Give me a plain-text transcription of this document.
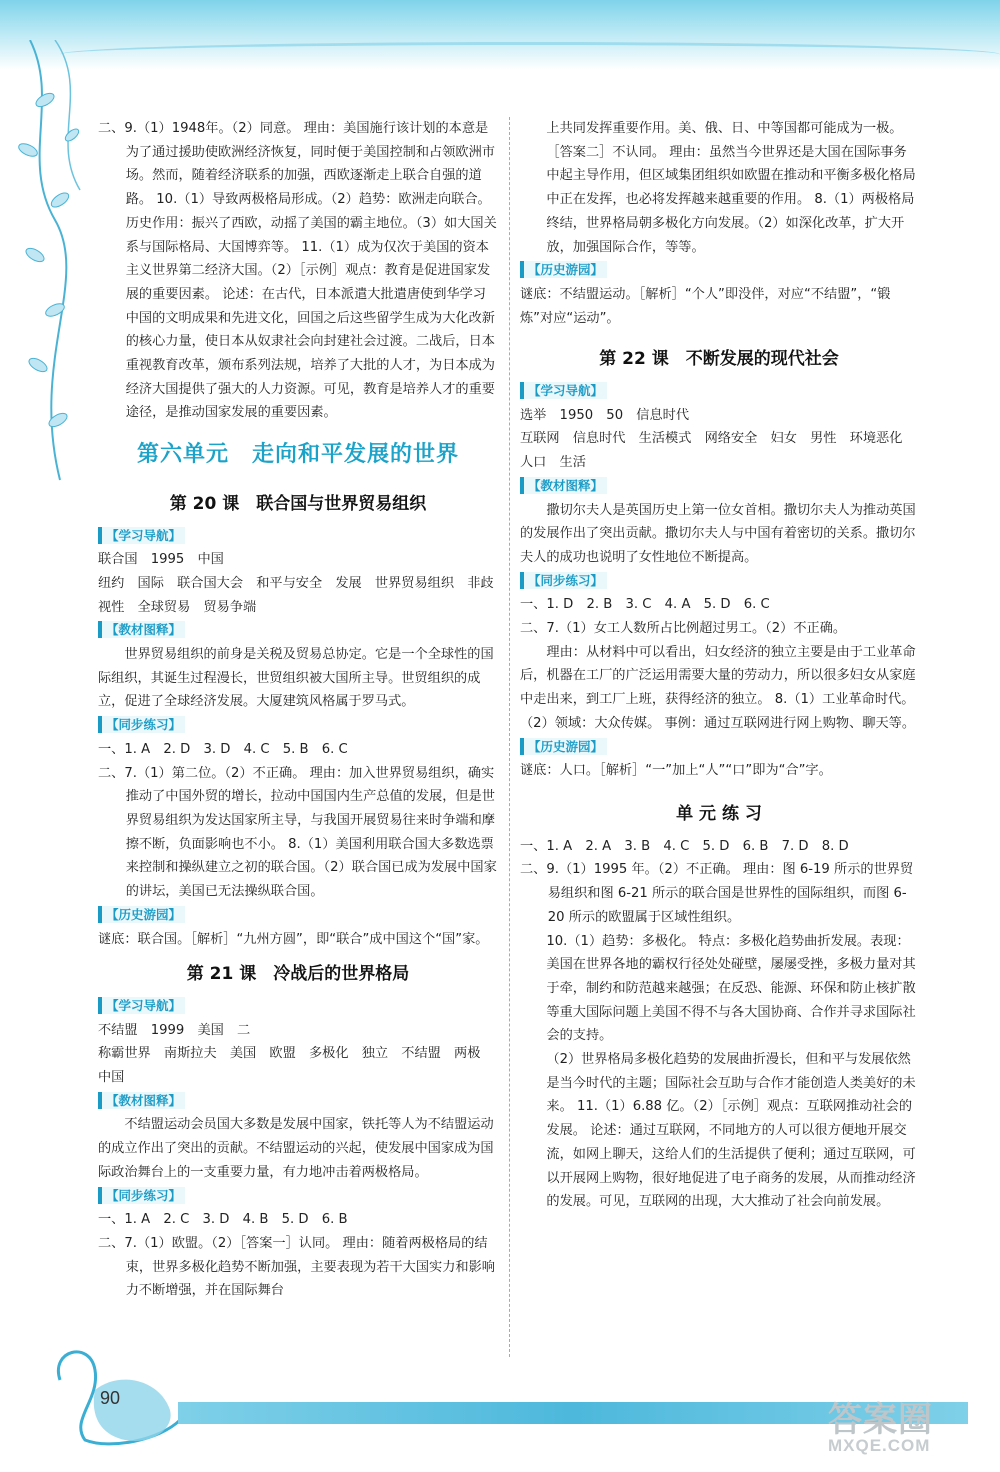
二、9.（1）1948年。（2）同意。 理由：美国施行该计划的本意是为了通过援助使欧洲经济恢复，同时便于美国控制和占领欧洲市场。然而，随着经济联系的加强，西欧逐渐走上联合自强的道路。 10.（1）导致两极格局形成。（2）趋势：欧洲走向联合。 历史作用：振兴了西欧，动摇了美国的霸主地位。（3）如大国关系与国际格局、大国博弈等。 11.（1）成为仅次于美国的资本主义世界第二经济大国。（2）［示例］观点：教育是促进国家发展的重要因素。 论述：在古代，日本派遣大批遣唐使到华学习中国的文明成果和先进文化，回国之后这些留学生成为大化改新的核心力量，使日本从奴隶社会向封建社会过渡。二战后，日本重视教育改革，颁布系列法规，培养了大批的人才，为日本成为经济大国提供了强大的人力资源。可见，教育是培养人才的重要途径，是推动国家发展的重要因素。

第六单元　走向和平发展的世界
第 20 课　联合国与世界贸易组织
【学习导航】

联合国　1995　中国

纽约　国际　联合国大会　和平与安全　发展　世界贸易组织　非歧视性　全球贸易　贸易争端

【教材图释】

世界贸易组织的前身是关税及贸易总协定。它是一个全球性的国际组织，其诞生过程漫长，世贸组织被大国所主导。世贸组织的成立，促进了全球经济发展。大厦建筑风格属于罗马式。

【同步练习】

一、1. A　2. D　3. D　4. C　5. B　6. C

二、7.（1）第二位。（2）不正确。 理由：加入世界贸易组织，确实推动了中国外贸的增长，拉动中国国内生产总值的发展，但是世界贸易组织为发达国家所主导，与我国开展贸易往来时争端和摩擦不断，负面影响也不小。 8.（1）美国利用联合国大多数选票来控制和操纵建立之初的联合国。（2）联合国已成为发展中国家的讲坛，美国已无法操纵联合国。

【历史游园】

谜底：联合国。［解析］“九州方圆”，即“联合”成中国这个“国”家。

第 21 课　冷战后的世界格局
【学习导航】

不结盟　1999　美国　二

称霸世界　南斯拉夫　美国　欧盟　多极化　独立　不结盟　两极　中国

【教材图释】

不结盟运动会员国大多数是发展中国家，铁托等人为不结盟运动的成立作出了突出的贡献。不结盟运动的兴起，使发展中国家成为国际政治舞台上的一支重要力量，有力地冲击着两极格局。

【同步练习】

一、1. A　2. C　3. D　4. B　5. D　6. B

二、7.（1）欧盟。（2）［答案一］认同。 理由：随着两极格局的结束，世界多极化趋势不断加强，主要表现为若干大国实力和影响力不断增强，并在国际舞台

上共同发挥重要作用。美、俄、日、中等国都可能成为一极。［答案二］不认同。 理由：虽然当今世界还是大国在国际事务中起主导作用，但区域集团组织如欧盟在推动和平衡多极化格局中正在发挥，也必将发挥越来越重要的作用。 8.（1）两极格局终结，世界格局朝多极化方向发展。（2）如深化改革，扩大开放，加强国际合作，等等。

【历史游园】

谜底：不结盟运动。［解析］“个人”即没伴，对应“不结盟”，“锻炼”对应“运动”。

第 22 课　不断发展的现代社会
【学习导航】

选举　1950　50　信息时代

互联网　信息时代　生活模式　网络安全　妇女　男性　环境恶化　人口　生活

【教材图释】

撒切尔夫人是英国历史上第一位女首相。撒切尔夫人为推动英国的发展作出了突出贡献。撒切尔夫人与中国有着密切的关系。撒切尔夫人的成功也说明了女性地位不断提高。

【同步练习】

一、1. D　2. B　3. C　4. A　5. D　6. C

二、7.（1）女工人数所占比例超过男工。（2）不正确。

理由：从材料中可以看出，妇女经济的独立主要是由于工业革命后，机器在工厂的广泛运用需要大量的劳动力，所以很多妇女从家庭中走出来，到工厂上班，获得经济的独立。 8.（1）工业革命时代。（2）领域：大众传媒。 事例：通过互联网进行网上购物、聊天等。

【历史游园】

谜底：人口。［解析］“一”加上“人”“口”即为“合”字。

单 元 练 习

一、1. A　2. A　3. B　4. C　5. D　6. B　7. D　8. D

二、9.（1）1995 年。（2）不正确。 理由：图 6-19 所示的世界贸易组织和图 6-21 所示的联合国是世界性的国际组织，而图 6-20 所示的欧盟属于区域性组织。

10.（1）趋势：多极化。 特点：多极化趋势曲折发展。表现：美国在世界各地的霸权行径处处碰壁，屡屡受挫，多极力量对其于牵，制约和防范越来越强；在反恐、能源、环保和防止核扩散等重大国际问题上美国不得不与各大国协商、合作并寻求国际社会的支持。

（2）世界格局多极化趋势的发展曲折漫长，但和平与发展依然是当今时代的主题；国际社会互助与合作才能创造人类美好的未来。 11.（1）6.88 亿。（2）［示例］观点：互联网推动社会的发展。 论述：通过互联网，不同地方的人可以很方便地开展交流，如网上聊天，这给人们的生活提供了便利；通过互联网，可以开展网上购物，很好地促进了电子商务的发展，从而推动经济的发展。可见，互联网的出现，大大推动了社会向前发展。

90
答案圈
MXQE.COM
